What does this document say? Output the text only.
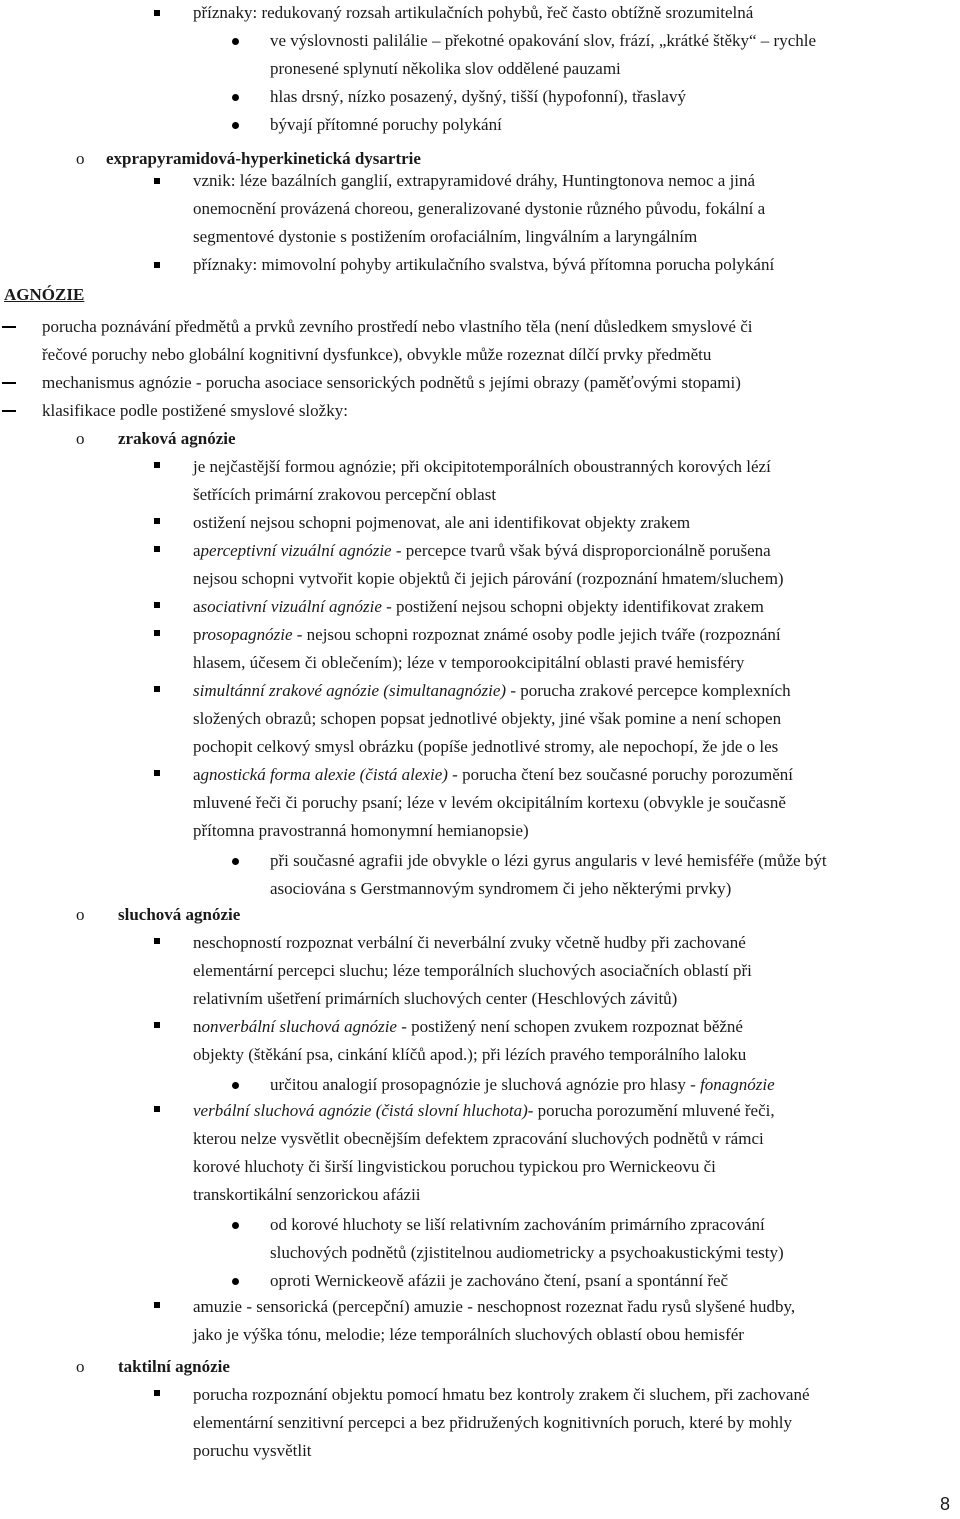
o
o
o
o
příznaky: redukovaný rozsah artikulačních pohybů, řeč často obtížně srozumitelná
ve výslovnosti palilálie – překotné opakování slov, frází, „krátké štěky“ – rychle
pronesené splynutí několika slov oddělené pauzami
hlas drsný, nízko posazený, dyšný, tišší (hypofonní), třaslavý
bývají přítomné poruchy polykání
exprapyramidová-hyperkinetická dysartrie
vznik: léze bazálních ganglií, extrapyramidové dráhy, Huntingtonova nemoc a jiná
onemocnění provázená choreou, generalizované dystonie různého původu, fokální a
segmentové dystonie s postižením orofaciálním, lingválním a laryngálním
příznaky: mimovolní pohyby artikulačního svalstva, bývá přítomna porucha polykání
AGNÓZIE
porucha poznávání předmětů a prvků zevního prostředí nebo vlastního těla (není důsledkem smyslové či
řečové poruchy nebo globální kognitivní dysfunkce), obvykle může rozeznat dílčí prvky předmětu
mechanismus agnózie - porucha asociace sensorických podnětů s jejími obrazy (paměťovými stopami)
klasifikace podle postižené smyslové složky:
zraková agnózie
je nejčastější formou agnózie; při okcipitotemporálních oboustranných korových lézí
šetřících primární zrakovou percepční oblast
ostižení nejsou schopni pojmenovat, ale ani identifikovat objekty zrakem
aperceptivní vizuální agnózie - percepce tvarů však bývá disproporcionálně porušena
nejsou schopni vytvořit kopie objektů či jejich párování (rozpoznání hmatem/sluchem)
asociativní vizuální agnózie - postižení nejsou schopni objekty identifikovat zrakem
prosopagnózie - nejsou schopni rozpoznat známé osoby podle jejich tváře (rozpoznání
hlasem, účesem či oblečením); léze v temporookcipitální oblasti pravé hemisféry
simultánní zrakové agnózie (simultanagnózie) - porucha zrakové percepce komplexních
složených obrazů; schopen popsat jednotlivé objekty, jiné však pomine a není schopen
pochopit celkový smysl obrázku (popíše jednotlivé stromy, ale nepochopí, že jde o les
agnostická forma alexie (čistá alexie) - porucha čtení bez současné poruchy porozumění
mluvené řeči či poruchy psaní; léze v levém okcipitálním kortexu (obvykle je současně
přítomna pravostranná homonymní hemianopsie)
při současné agrafii jde obvykle o lézi gyrus angularis v levé hemisféře (může být
asociována s Gerstmannovým syndromem či jeho některými prvky)
sluchová agnózie
neschopností rozpoznat verbální či neverbální zvuky včetně hudby při zachované
elementární percepci sluchu; léze temporálních sluchových asociačních oblastí při
relativním ušetření primárních sluchových center (Heschlových závitů)
nonverbální sluchová agnózie - postižený není schopen zvukem rozpoznat běžné
objekty (štěkání psa, cinkání klíčů apod.); při lézích pravého temporálního laloku
určitou analogií prosopagnózie je sluchová agnózie pro hlasy - fonagnózie
verbální sluchová agnózie (čistá slovní hluchota)- porucha porozumění mluvené řeči,
kterou nelze vysvětlit obecnějším defektem zpracování sluchových podnětů v rámci
korové hluchoty či širší lingvistickou poruchou typickou pro Wernickeovu či
transkortikální senzorickou afázii
od korové hluchoty se liší relativním zachováním primárního zpracování
sluchových podnětů (zjistitelnou audiometricky a psychoakustickými testy)
oproti Wernickeově afázii je zachováno čtení, psaní a spontánní řeč
amuzie - sensorická (percepční) amuzie - neschopnost rozeznat řadu rysů slyšené hudby,
jako je výška tónu, melodie; léze temporálních sluchových oblastí obou hemisfér
taktilní agnózie
porucha rozpoznání objektu pomocí hmatu bez kontroly zrakem či sluchem, při zachované
elementární senzitivní percepci a bez přidružených kognitivních poruch, které by mohly
poruchu vysvětlit
8
